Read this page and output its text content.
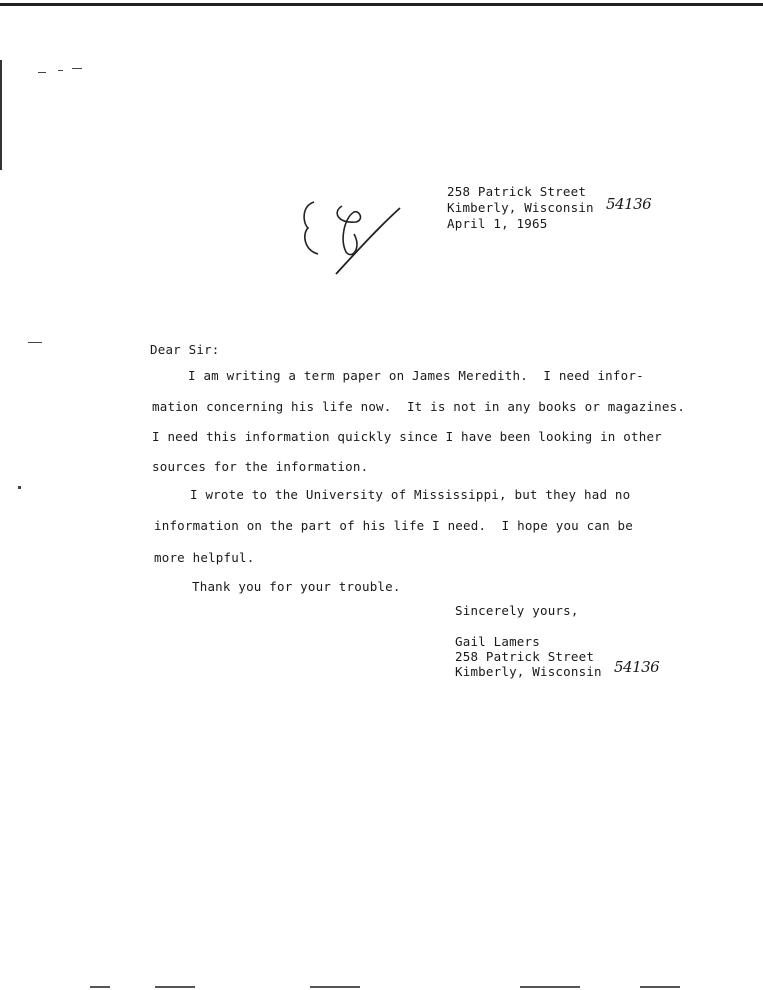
258 Patrick Street
Kimberly, Wisconsin 54136
April 1, 1965
Dear Sir:
I am writing a term paper on James Meredith.  I need infor-
mation concerning his life now.  It is not in any books or magazines.
I need this information quickly since I have been looking in other
sources for the information.
I wrote to the University of Mississippi, but they had no
information on the part of his life I need.  I hope you can be
more helpful.
Thank you for your trouble.
Sincerely yours,
Gail Lamers
258 Patrick Street
Kimberly, Wisconsin 54136
